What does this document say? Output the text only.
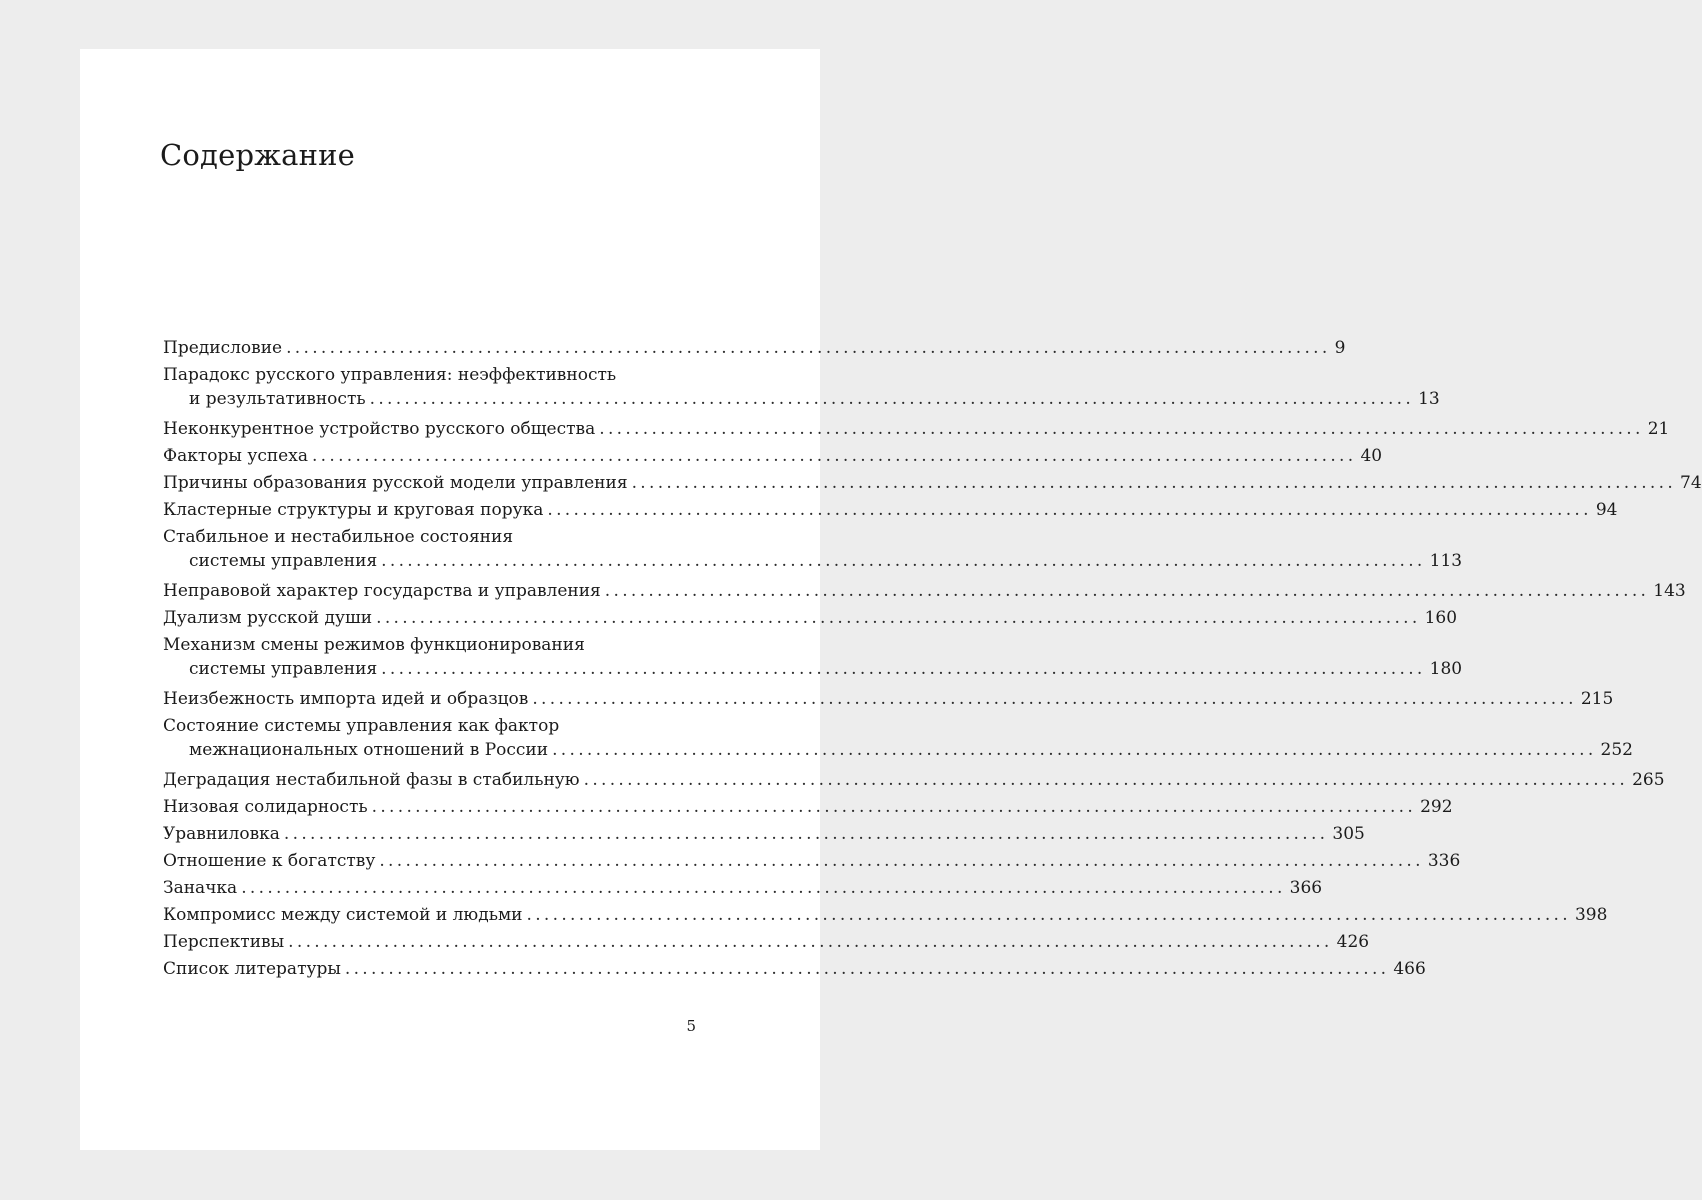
Содержание
Предисловие ........................................................................................................................ 9
Парадокс русского управления: неэффективность
и результативность ........................................................................................................................ 13
Неконкурентное устройство русского общества ........................................................................................................................ 21
Факторы успеха ........................................................................................................................ 40
Причины образования русской модели управления ........................................................................................................................ 74
Кластерные структуры и круговая порука ........................................................................................................................ 94
Стабильное и нестабильное состояния
системы управления ........................................................................................................................ 113
Неправовой характер государства и управления ........................................................................................................................ 143
Дуализм русской души ........................................................................................................................ 160
Механизм смены режимов функционирования
системы управления ........................................................................................................................ 180
Неизбежность импорта идей и образцов ........................................................................................................................ 215
Состояние системы управления как фактор
межнациональных отношений в России ........................................................................................................................ 252
Деградация нестабильной фазы в стабильную ........................................................................................................................ 265
Низовая солидарность ........................................................................................................................ 292
Уравниловка ........................................................................................................................ 305
Отношение к богатству ........................................................................................................................ 336
Заначка ........................................................................................................................ 366
Компромисс между системой и людьми ........................................................................................................................ 398
Перспективы ........................................................................................................................ 426
Список литературы ........................................................................................................................ 466
5
